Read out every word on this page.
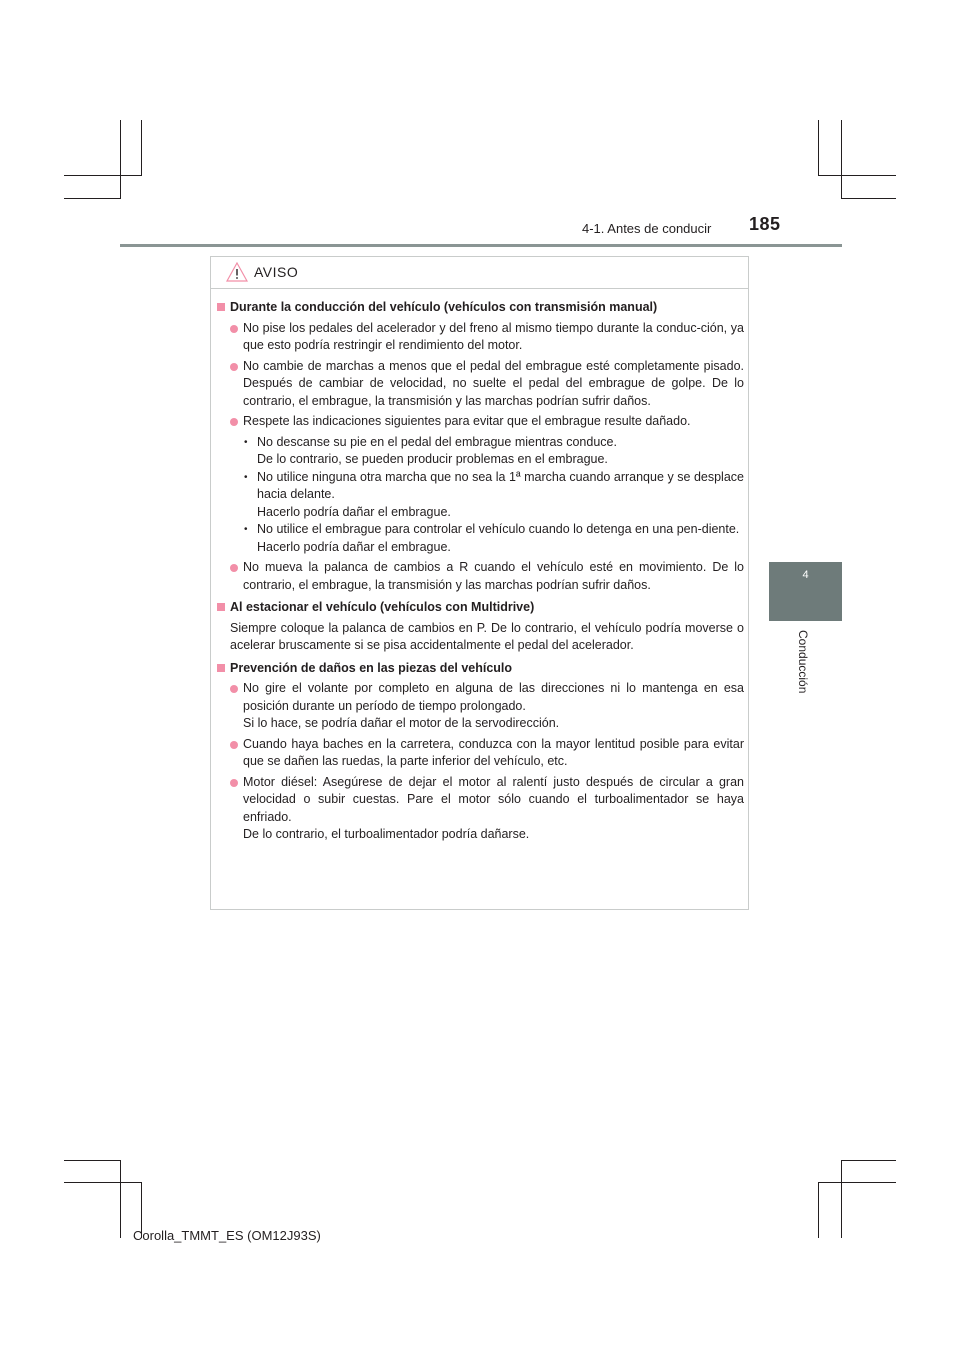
4-1. Antes de conducir 185
4
Conducción
AVISO
Durante la conducción del vehículo (vehículos con transmisión manual)

No pise los pedales del acelerador y del freno al mismo tiempo durante la conduc-ción, ya que esto podría restringir el rendimiento del motor.

No cambie de marchas a menos que el pedal del embrague esté completamente pisado. Después de cambiar de velocidad, no suelte el pedal del embrague de golpe. De lo contrario, el embrague, la transmisión y las marchas podrían sufrir daños.

Respete las indicaciones siguientes para evitar que el embrague resulte dañado.

• No descanse su pie en el pedal del embrague mientras conduce.
De lo contrario, se pueden producir problemas en el embrague.
• No utilice ninguna otra marcha que no sea la 1ª marcha cuando arranque y se desplace hacia delante.
Hacerlo podría dañar el embrague.
• No utilice el embrague para controlar el vehículo cuando lo detenga en una pen-diente.
Hacerlo podría dañar el embrague.

No mueva la palanca de cambios a R cuando el vehículo esté en movimiento. De lo contrario, el embrague, la transmisión y las marchas podrían sufrir daños.

Al estacionar el vehículo (vehículos con Multidrive)
Siempre coloque la palanca de cambios en P. De lo contrario, el vehículo podría moverse o acelerar bruscamente si se pisa accidentalmente el pedal del acelerador.
Prevención de daños en las piezas del vehículo

No gire el volante por completo en alguna de las direcciones ni lo mantenga en esa posición durante un período de tiempo prolongado.

Si lo hace, se podría dañar el motor de la servodirección.

Cuando haya baches en la carretera, conduzca con la mayor lentitud posible para evitar que se dañen las ruedas, la parte inferior del vehículo, etc.

Motor diésel: Asegúrese de dejar el motor al ralentí justo después de circular a gran velocidad o subir cuestas. Pare el motor sólo cuando el turboalimentador se haya enfriado.

De lo contrario, el turboalimentador podría dañarse.

Corolla_TMMT_ES (OM12J93S)
